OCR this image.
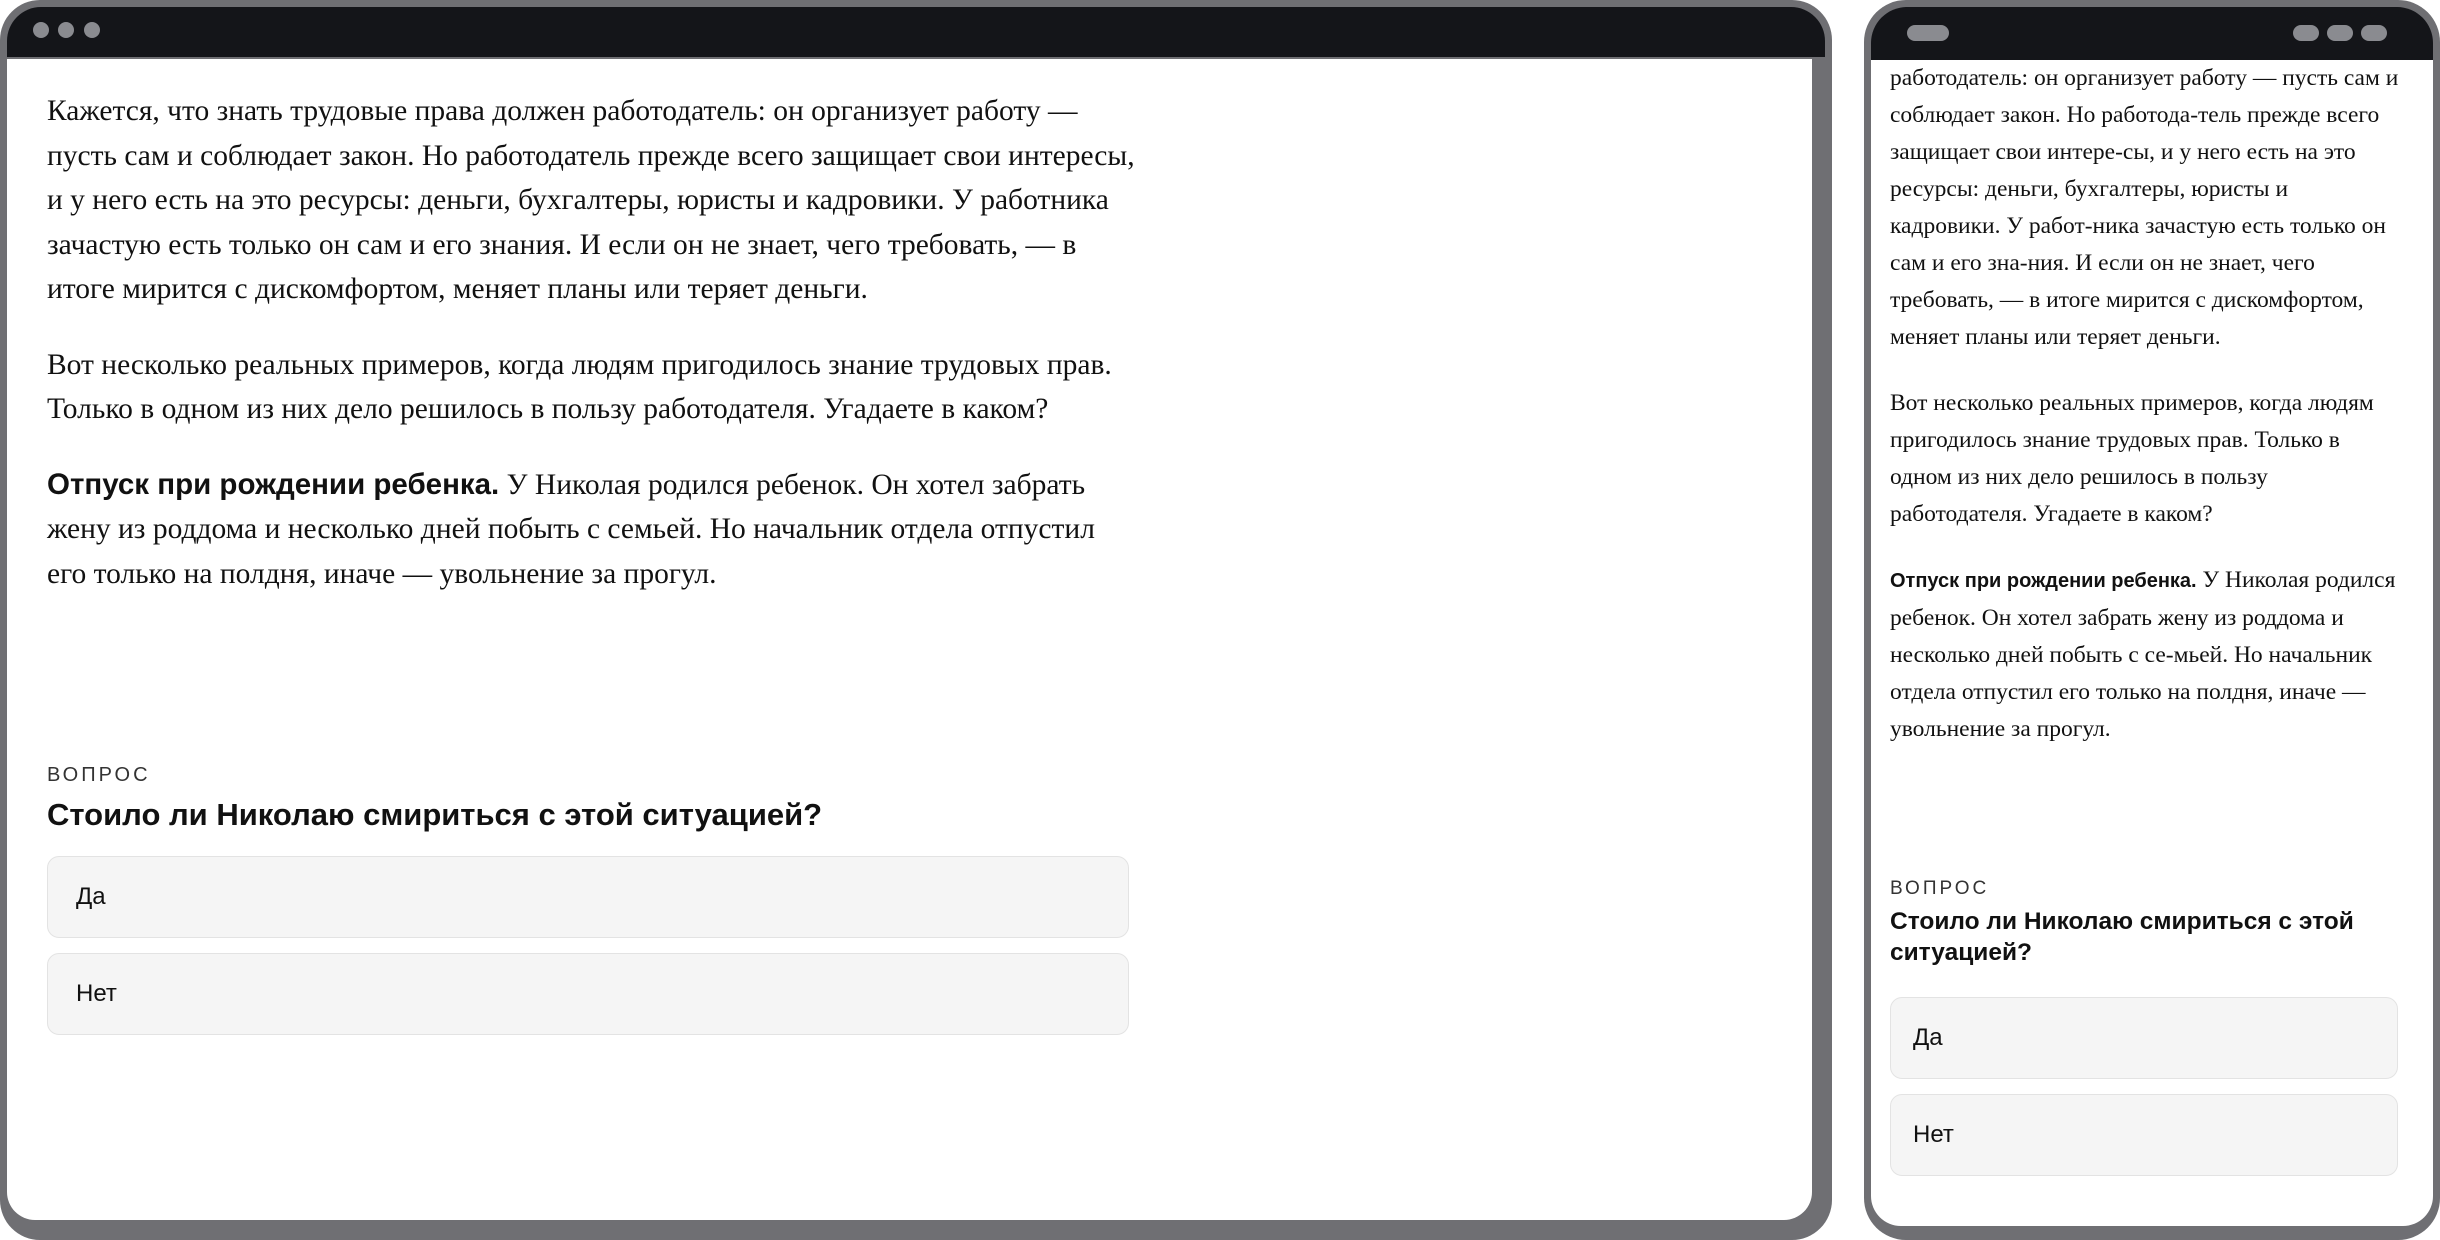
Кажется, что знать трудовые права должен работодатель: он организует работу — пусть сам и соблюдает закон. Но работодатель прежде всего защищает свои интересы, и у него есть на это ресурсы: деньги, бухгалтеры, юристы и кадровики. У работника зачастую есть только он сам и его знания. И если он не знает, чего требовать, — в итоге мирится с дискомфортом, меняет планы или теряет деньги.

Вот несколько реальных примеров, когда людям пригодилось знание трудовых прав. Только в одном из них дело решилось в пользу работодателя. Угадаете в каком?

Отпуск при рождении ребенка. У Николая родился ребенок. Он хотел забрать жену из роддома и несколько дней побыть с семьей. Но начальник отдела отпустил его только на полдня, иначе — увольнение за прогул.

ВОПРОС
Стоило ли Николаю смириться с этой ситуацией?
Да
Нет

работодатель: он организует работу — пусть сам и соблюдает закон. Но работода-тель прежде всего защищает свои интере-сы, и у него есть на это ресурсы: деньги, бухгалтеры, юристы и кадровики. У работ-ника зачастую есть только он сам и его зна-ния. И если он не знает, чего требовать, — в итоге мирится с дискомфортом, меняет планы или теряет деньги.

Вот несколько реальных примеров, когда людям пригодилось знание трудовых прав. Только в одном из них дело решилось в пользу работодателя. Угадаете в каком?

Отпуск при рождении ребенка. У Николая родился ребенок. Он хотел забрать жену из роддома и несколько дней побыть с се-мьей. Но начальник отдела отпустил его только на полдня, иначе — увольнение за прогул.

ВОПРОС
Стоило ли Николаю смириться с этой ситуацией?
Да
Нет
